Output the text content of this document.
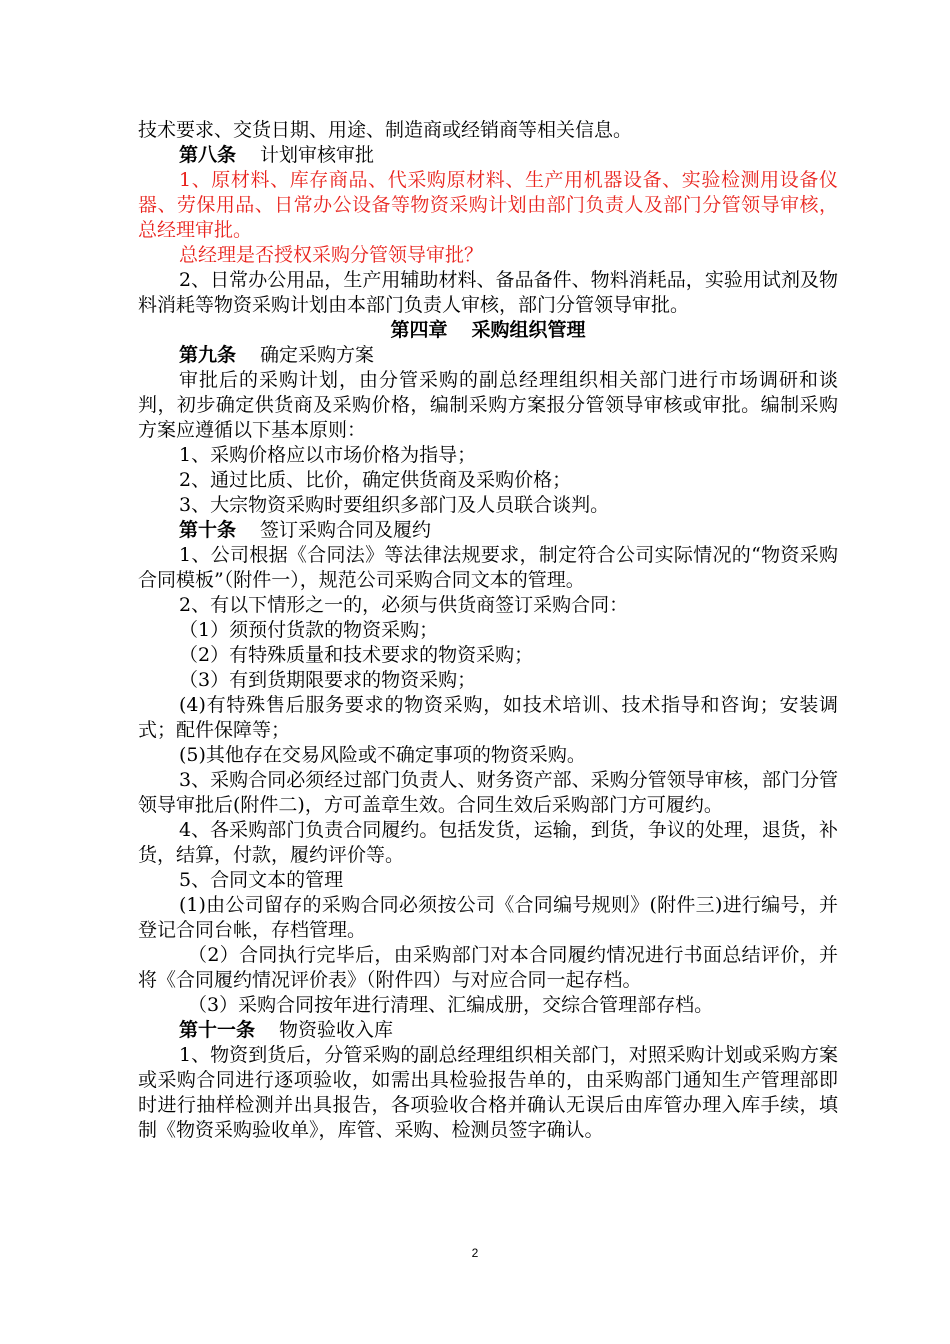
技术要求、交货日期、用途、制造商或经销商等相关信息。

第八条 计划审核审批

1、原材料、库存商品、代采购原材料、生产用机器设备、实验检测用设备仪器、劳保用品、日常办公设备等物资采购计划由部门负责人及部门分管领导审核，总经理审批。

总经理是否授权采购分管领导审批？

2、日常办公用品，生产用辅助材料、备品备件、物料消耗品，实验用试剂及物料消耗等物资采购计划由本部门负责人审核，部门分管领导审批。

第四章 采购组织管理

第九条 确定采购方案

审批后的采购计划，由分管采购的副总经理组织相关部门进行市场调研和谈判，初步确定供货商及采购价格，编制采购方案报分管领导审核或审批。编制采购方案应遵循以下基本原则：

1、采购价格应以市场价格为指导；

2、通过比质、比价，确定供货商及采购价格；

3、大宗物资采购时要组织多部门及人员联合谈判。

第十条 签订采购合同及履约

1、公司根据《合同法》等法律法规要求，制定符合公司实际情况的“物资采购合同模板”（附件一），规范公司采购合同文本的管理。

2、有以下情形之一的，必须与供货商签订采购合同：

（1）须预付货款的物资采购；

（2）有特殊质量和技术要求的物资采购；

（3）有到货期限要求的物资采购；

(4)有特殊售后服务要求的物资采购，如技术培训、技术指导和咨询；安装调式；配件保障等；

(5)其他存在交易风险或不确定事项的物资采购。

3、采购合同必须经过部门负责人、财务资产部、采购分管领导审核，部门分管领导审批后(附件二)，方可盖章生效。合同生效后采购部门方可履约。

4、各采购部门负责合同履约。包括发货，运输，到货，争议的处理，退货，补货，结算，付款，履约评价等。

5、合同文本的管理

(1)由公司留存的采购合同必须按公司《合同编号规则》(附件三)进行编号，并登记合同台帐，存档管理。

（2）合同执行完毕后，由采购部门对本合同履约情况进行书面总结评价，并将《合同履约情况评价表》（附件四）与对应合同一起存档。

（3）采购合同按年进行清理、汇编成册，交综合管理部存档。

第十一条 物资验收入库

1、物资到货后，分管采购的副总经理组织相关部门，对照采购计划或采购方案或采购合同进行逐项验收，如需出具检验报告单的，由采购部门通知生产管理部即时进行抽样检测并出具报告，各项验收合格并确认无误后由库管办理入库手续，填制《物资采购验收单》，库管、采购、检测员签字确认。

2
